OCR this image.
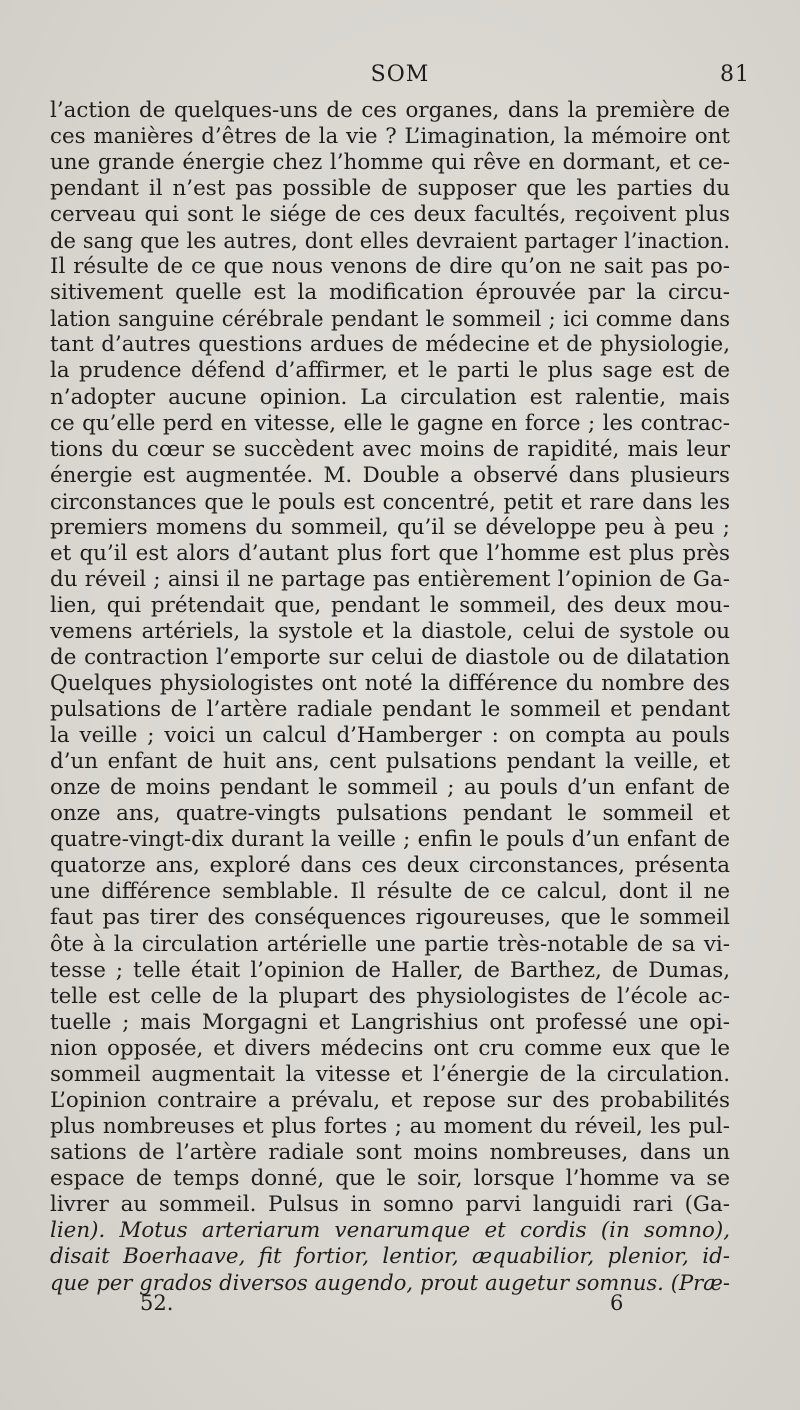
SOM	81
l’action de quelques-uns de ces organes, dans la première de
ces manières d’êtres de la vie ? L’imagination, la mémoire ont
une grande énergie chez l’homme qui rêve en dormant, et ce-
pendant il n’est pas possible de supposer que les parties du
cerveau qui sont le siége de ces deux facultés, reçoivent plus
de sang que les autres, dont elles devraient partager l’inaction.
Il résulte de ce que nous venons de dire qu’on ne sait pas po-
sitivement quelle est la modification éprouvée par la circu-
lation sanguine cérébrale pendant le sommeil ; ici comme dans
tant d’autres questions ardues de médecine et de physiologie,
la prudence défend d’affirmer, et le parti le plus sage est de
n’adopter aucune opinion. La circulation est ralentie, mais
ce qu’elle perd en vitesse, elle le gagne en force ; les contrac-
tions du cœur se succèdent avec moins de rapidité, mais leur
énergie est augmentée. M. Double a observé dans plusieurs
circonstances que le pouls est concentré, petit et rare dans les
premiers momens du sommeil, qu’il se développe peu à peu ;
et qu’il est alors d’autant plus fort que l’homme est plus près
du réveil ; ainsi il ne partage pas entièrement l’opinion de Ga-
lien, qui prétendait que, pendant le sommeil, des deux mou-
vemens artériels, la systole et la diastole, celui de systole ou
de contraction l’emporte sur celui de diastole ou de dilatation
Quelques physiologistes ont noté la différence du nombre des
pulsations de l’artère radiale pendant le sommeil et pendant
la veille ; voici un calcul d’Hamberger : on compta au pouls
d’un enfant de huit ans, cent pulsations pendant la veille, et
onze de moins pendant le sommeil ; au pouls d’un enfant de
onze ans, quatre-vingts pulsations pendant le sommeil et
quatre-vingt-dix durant la veille ; enfin le pouls d’un enfant de
quatorze ans, exploré dans ces deux circonstances, présenta
une différence semblable. Il résulte de ce calcul, dont il ne
faut pas tirer des conséquences rigoureuses, que le sommeil
ôte à la circulation artérielle une partie très-notable de sa vi-
tesse ; telle était l’opinion de Haller, de Barthez, de Dumas,
telle est celle de la plupart des physiologistes de l’école ac-
tuelle ; mais Morgagni et Langrishius ont professé une opi-
nion opposée, et divers médecins ont cru comme eux que le
sommeil augmentait la vitesse et l’énergie de la circulation.
L’opinion contraire a prévalu, et repose sur des probabilités
plus nombreuses et plus fortes ; au moment du réveil, les pul-
sations de l’artère radiale sont moins nombreuses, dans un
espace de temps donné, que le soir, lorsque l’homme va se
livrer au sommeil. Pulsus in somno parvi languidi rari (Ga-
lien). Motus arteriarum venarumque et cordis (in somno),
disait Boerhaave, fit fortior, lentior, æquabilior, plenior, id-
que per grados diversos augendo, prout augetur somnus. (Præ-
52.	6
